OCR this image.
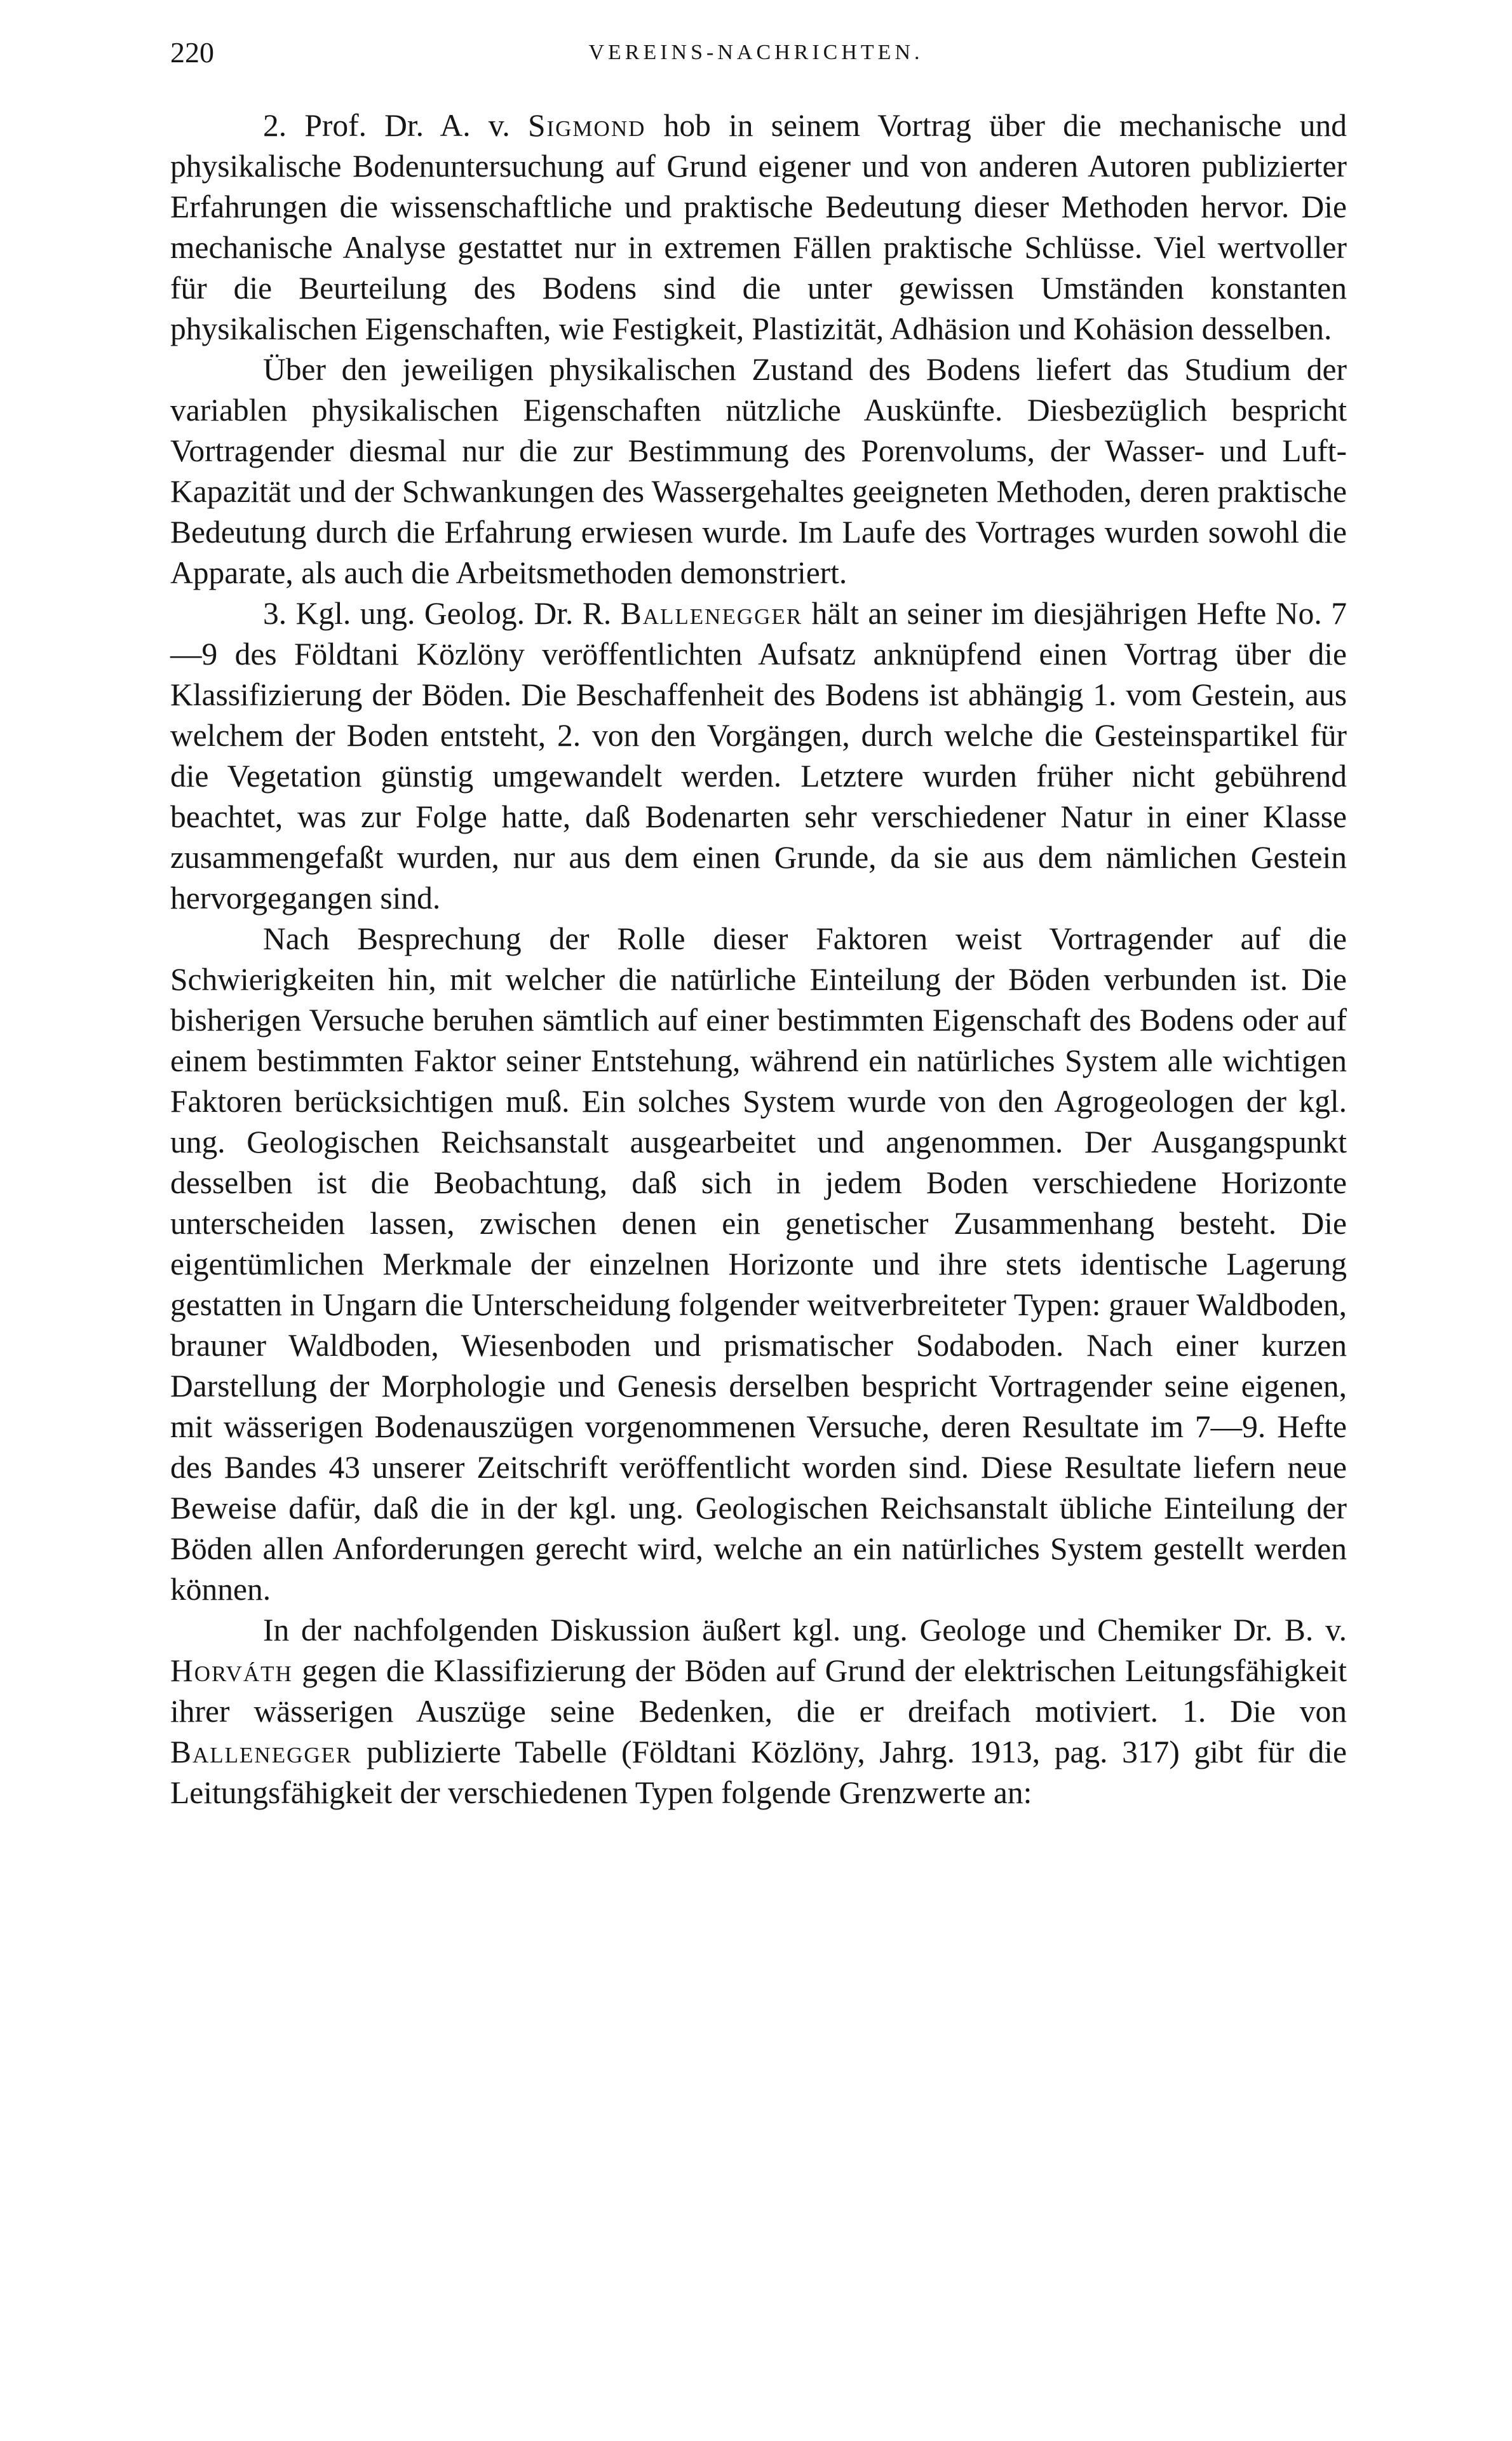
220	VEREINS-NACHRICHTEN.

2. Prof. Dr. A. v. Sigmond hob in seinem Vortrag über die mechanische und physikalische Bodenuntersuchung auf Grund eigener und von anderen Autoren publizierter Erfahrungen die wissenschaftliche und praktische Bedeutung dieser Methoden hervor. Die mechanische Analyse gestattet nur in extremen Fällen praktische Schlüsse. Viel wertvoller für die Beurteilung des Bodens sind die unter gewissen Umständen konstanten physikalischen Eigenschaften, wie Festigkeit, Plastizität, Adhäsion und Kohäsion desselben.

Über den jeweiligen physikalischen Zustand des Bodens liefert das Studium der variablen physikalischen Eigenschaften nützliche Auskünfte. Diesbezüglich bespricht Vortragender diesmal nur die zur Bestimmung des Porenvolums, der Wasser- und Luft-Kapazität und der Schwankungen des Wassergehaltes geeigneten Methoden, deren praktische Bedeutung durch die Erfahrung erwiesen wurde. Im Laufe des Vortrages wurden sowohl die Apparate, als auch die Arbeitsmethoden demonstriert.

3. Kgl. ung. Geolog. Dr. R. Ballenegger hält an seiner im diesjährigen Hefte No. 7—9 des Földtani Közlöny veröffentlichten Aufsatz anknüpfend einen Vortrag über die Klassifizierung der Böden. Die Beschaffenheit des Bodens ist abhängig 1. vom Gestein, aus welchem der Boden entsteht, 2. von den Vorgängen, durch welche die Gesteinspartikel für die Vegetation günstig umgewandelt werden. Letztere wurden früher nicht gebührend beachtet, was zur Folge hatte, daß Bodenarten sehr verschiedener Natur in einer Klasse zusammengefaßt wurden, nur aus dem einen Grunde, da sie aus dem nämlichen Gestein hervorgegangen sind.

Nach Besprechung der Rolle dieser Faktoren weist Vortragender auf die Schwierigkeiten hin, mit welcher die natürliche Einteilung der Böden verbunden ist. Die bisherigen Versuche beruhen sämtlich auf einer bestimmten Eigenschaft des Bodens oder auf einem bestimmten Faktor seiner Entstehung, während ein natürliches System alle wichtigen Faktoren berücksichtigen muß. Ein solches System wurde von den Agrogeologen der kgl. ung. Geologischen Reichsanstalt ausgearbeitet und angenommen. Der Ausgangspunkt desselben ist die Beobachtung, daß sich in jedem Boden verschiedene Horizonte unterscheiden lassen, zwischen denen ein genetischer Zusammenhang besteht. Die eigentümlichen Merkmale der einzelnen Horizonte und ihre stets identische Lagerung gestatten in Ungarn die Unterscheidung folgender weitverbreiteter Typen: grauer Waldboden, brauner Waldboden, Wiesenboden und prismatischer Sodaboden. Nach einer kurzen Darstellung der Morphologie und Genesis derselben bespricht Vortragender seine eigenen, mit wässerigen Bodenauszügen vorgenommenen Versuche, deren Resultate im 7—9. Hefte des Bandes 43 unserer Zeitschrift veröffentlicht worden sind. Diese Resultate liefern neue Beweise dafür, daß die in der kgl. ung. Geologischen Reichsanstalt übliche Einteilung der Böden allen Anforderungen gerecht wird, welche an ein natürliches System gestellt werden können.

In der nachfolgenden Diskussion äußert kgl. ung. Geologe und Chemiker Dr. B. v. Horváth gegen die Klassifizierung der Böden auf Grund der elektrischen Leitungsfähigkeit ihrer wässerigen Auszüge seine Bedenken, die er dreifach motiviert. 1. Die von Ballenegger publizierte Tabelle (Földtani Közlöny, Jahrg. 1913, pag. 317) gibt für die Leitungsfähigkeit der verschiedenen Typen folgende Grenzwerte an:
